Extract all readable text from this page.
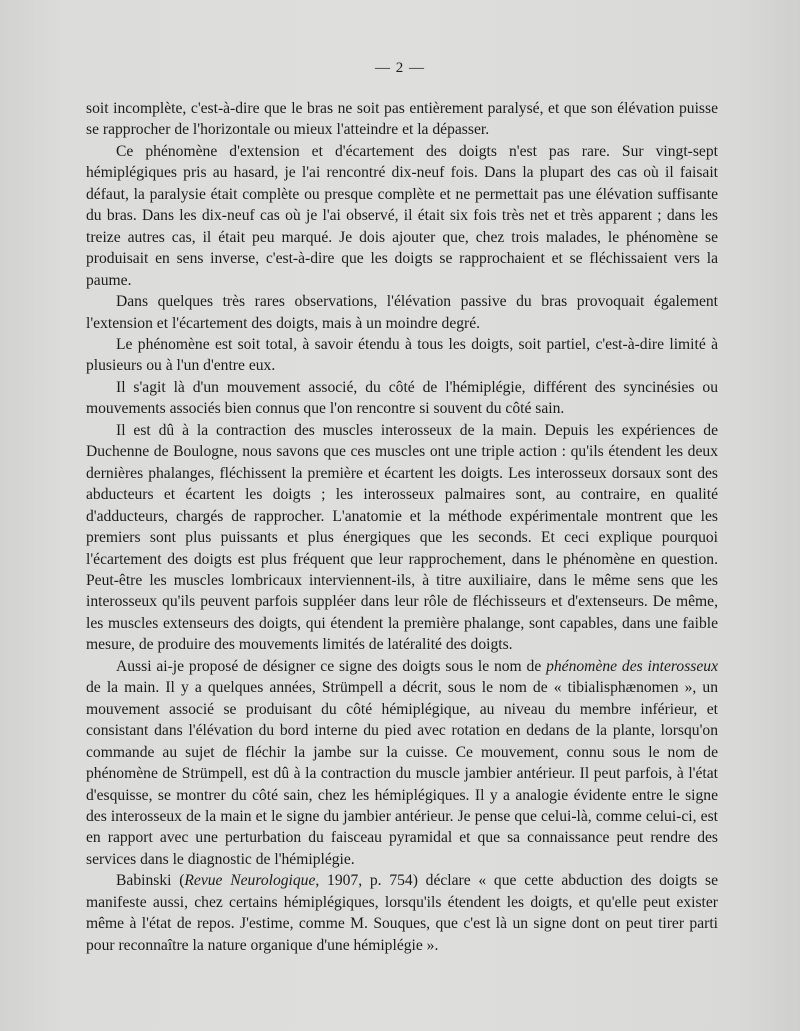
— 2 —

soit incomplète, c'est-à-dire que le bras ne soit pas entièrement paralysé, et que son élévation puisse se rapprocher de l'horizontale ou mieux l'atteindre et la dépasser.

Ce phénomène d'extension et d'écartement des doigts n'est pas rare. Sur vingt-sept hémiplégiques pris au hasard, je l'ai rencontré dix-neuf fois. Dans la plupart des cas où il faisait défaut, la paralysie était complète ou presque complète et ne permettait pas une élévation suffisante du bras. Dans les dix-neuf cas où je l'ai observé, il était six fois très net et très apparent ; dans les treize autres cas, il était peu marqué. Je dois ajouter que, chez trois malades, le phénomène se produisait en sens inverse, c'est-à-dire que les doigts se rapprochaient et se fléchissaient vers la paume.

Dans quelques très rares observations, l'élévation passive du bras provoquait également l'extension et l'écartement des doigts, mais à un moindre degré.

Le phénomène est soit total, à savoir étendu à tous les doigts, soit partiel, c'est-à-dire limité à plusieurs ou à l'un d'entre eux.

Il s'agit là d'un mouvement associé, du côté de l'hémiplégie, différent des syncinésies ou mouvements associés bien connus que l'on rencontre si souvent du côté sain.

Il est dû à la contraction des muscles interosseux de la main. Depuis les expériences de Duchenne de Boulogne, nous savons que ces muscles ont une triple action : qu'ils étendent les deux dernières phalanges, fléchissent la première et écartent les doigts. Les interosseux dorsaux sont des abducteurs et écartent les doigts ; les interosseux palmaires sont, au contraire, en qualité d'adducteurs, chargés de rapprocher. L'anatomie et la méthode expérimentale montrent que les premiers sont plus puissants et plus énergiques que les seconds. Et ceci explique pourquoi l'écartement des doigts est plus fréquent que leur rapprochement, dans le phénomène en question. Peut-être les muscles lombricaux interviennent-ils, à titre auxiliaire, dans le même sens que les interosseux qu'ils peuvent parfois suppléer dans leur rôle de fléchisseurs et d'extenseurs. De même, les muscles extenseurs des doigts, qui étendent la première phalange, sont capables, dans une faible mesure, de produire des mouvements limités de latéralité des doigts.

Aussi ai-je proposé de désigner ce signe des doigts sous le nom de phénomène des interosseux de la main. Il y a quelques années, Strümpell a décrit, sous le nom de « tibialisphænomen », un mouvement associé se produisant du côté hémiplégique, au niveau du membre inférieur, et consistant dans l'élévation du bord interne du pied avec rotation en dedans de la plante, lorsqu'on commande au sujet de fléchir la jambe sur la cuisse. Ce mouvement, connu sous le nom de phénomène de Strümpell, est dû à la contraction du muscle jambier antérieur. Il peut parfois, à l'état d'esquisse, se montrer du côté sain, chez les hémiplégiques. Il y a analogie évidente entre le signe des interosseux de la main et le signe du jambier antérieur. Je pense que celui-là, comme celui-ci, est en rapport avec une perturbation du faisceau pyramidal et que sa connaissance peut rendre des services dans le diagnostic de l'hémiplégie.

Babinski (Revue Neurologique, 1907, p. 754) déclare « que cette abduction des doigts se manifeste aussi, chez certains hémiplégiques, lorsqu'ils étendent les doigts, et qu'elle peut exister même à l'état de repos. J'estime, comme M. Souques, que c'est là un signe dont on peut tirer parti pour reconnaître la nature organique d'une hémiplégie ».
